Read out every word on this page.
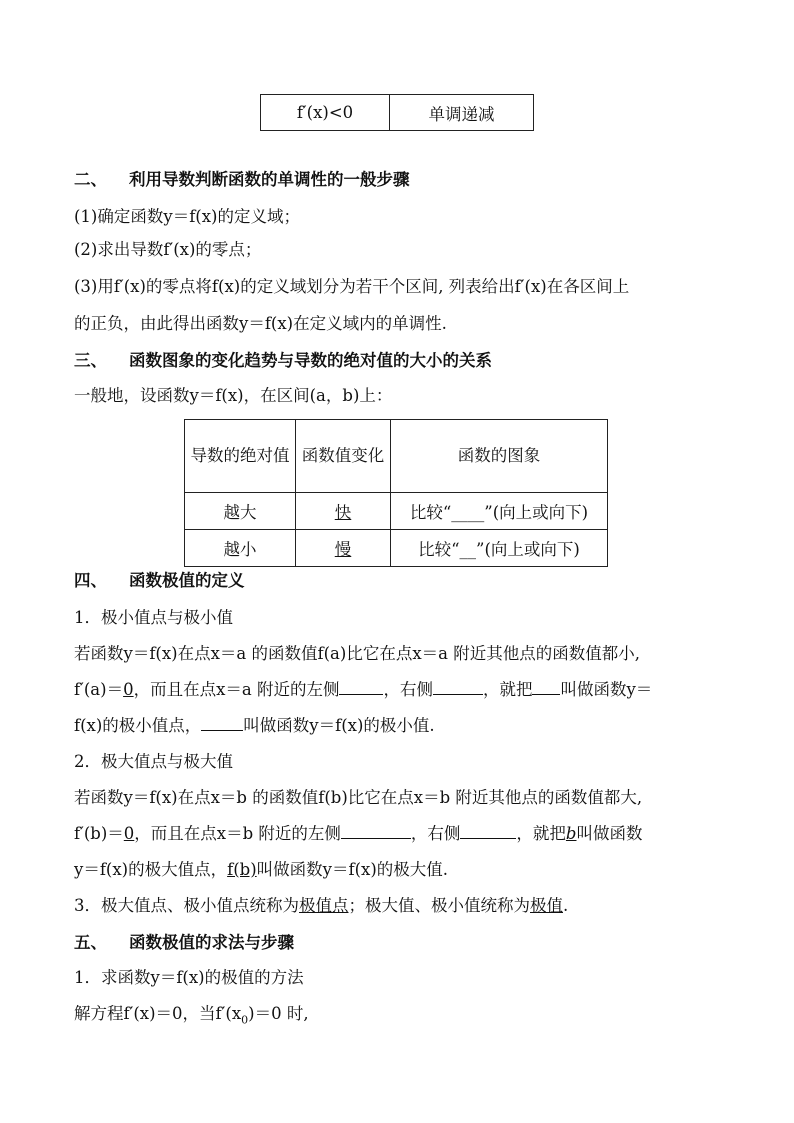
f′(x)<0	单调递减
二、 利用导数判断函数的单调性的一般步骤
(1)确定函数y＝f(x)的定义域；
(2)求出导数f′(x)的零点；
(3)用f′(x)的零点将f(x)的定义域划分为若干个区间, 列表给出f′(x)在各区间上
的正负，由此得出函数y＝f(x)在定义域内的单调性.
三、 函数图象的变化趋势与导数的绝对值的大小的关系
一般地，设函数y＝f(x)，在区间(a，b)上：
导数的绝对值	函数值变化	函数的图象
越大	快	比较“____”(向上或向下)
越小	慢	比较“__”(向上或向下)
四、 函数极值的定义
1．极小值点与极小值
若函数y＝f(x)在点x＝a 的函数值f(a)比它在点x＝a 附近其他点的函数值都小,
f′(a)＝0，而且在点x＝a 附近的左侧	，右侧	，就把 叫做函数y＝
f(x)的极小值点，	叫做函数y＝f(x)的极小值.
2．极大值点与极大值
若函数y＝f(x)在点x＝b 的函数值f(b)比它在点x＝b 附近其他点的函数值都大,
f′(b)＝0，而且在点x＝b 附近的左侧	，右侧	，就把b叫做函数
y＝f(x)的极大值点，f(b)叫做函数y＝f(x)的极大值.
3．极大值点、极小值点统称为极值点；极大值、极小值统称为极值.
五、 函数极值的求法与步骤
1．求函数y＝f(x)的极值的方法
解方程f′(x)＝0，当$f'(x_0)=0$ 时,
